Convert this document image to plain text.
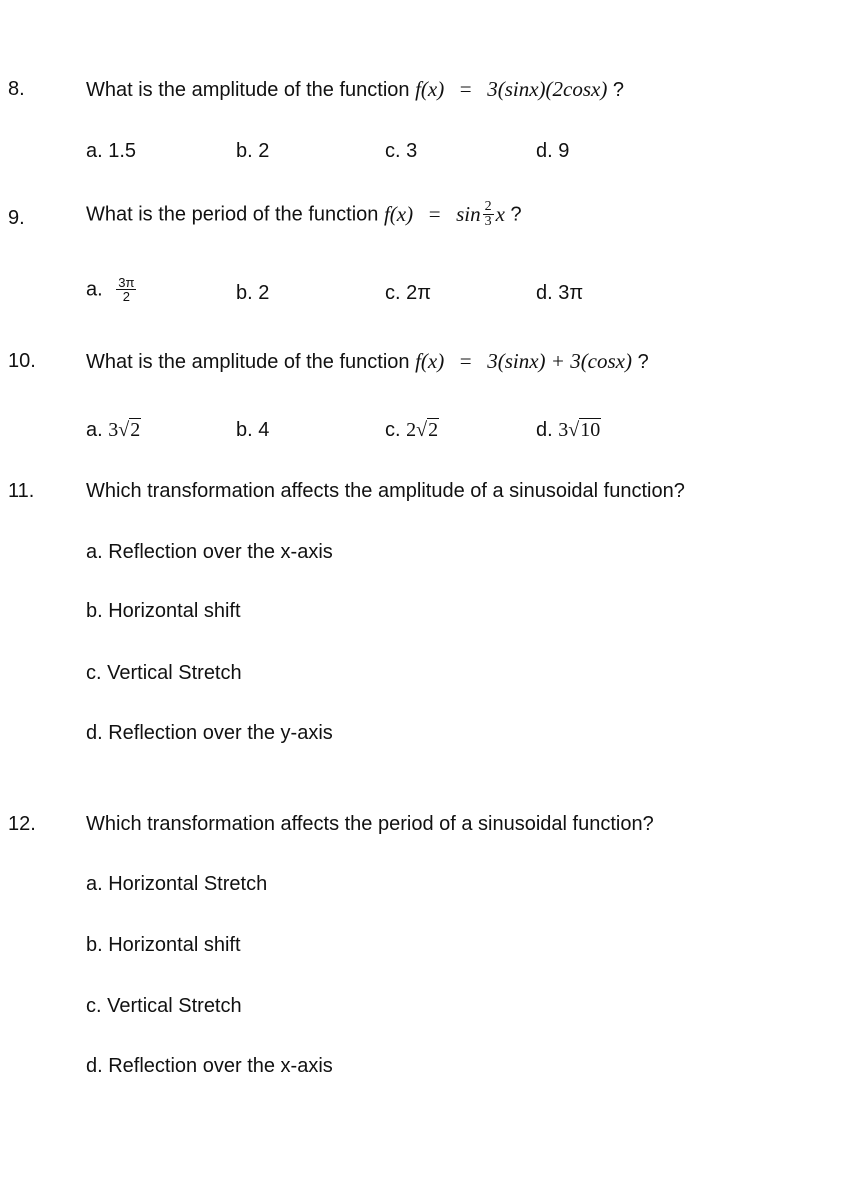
8.	What is the amplitude of the function f(x) = 3(sinx)(2cosx) ?
a. 1.5	b. 2	c. 3	d. 9
9.	What is the period of the function $f(x) = \sin \frac{2}{3}$ x ?
a. $\frac{3\pi}{2}$	b. 2	c. 2π	d. 3π
10.	What is the amplitude of the function f(x) = 3(sinx) + 3(cosx) ?
a. 3√2	b. 4	c. 2√2	d. 3√10
11.	Which transformation affects the amplitude of a sinusoidal function?
a. Reflection over the x-axis
b. Horizontal shift
c. Vertical Stretch
d. Reflection over the y-axis
12.	Which transformation affects the period of a sinusoidal function?
a. Horizontal Stretch
b. Horizontal shift
c. Vertical Stretch
d. Reflection over the x-axis
